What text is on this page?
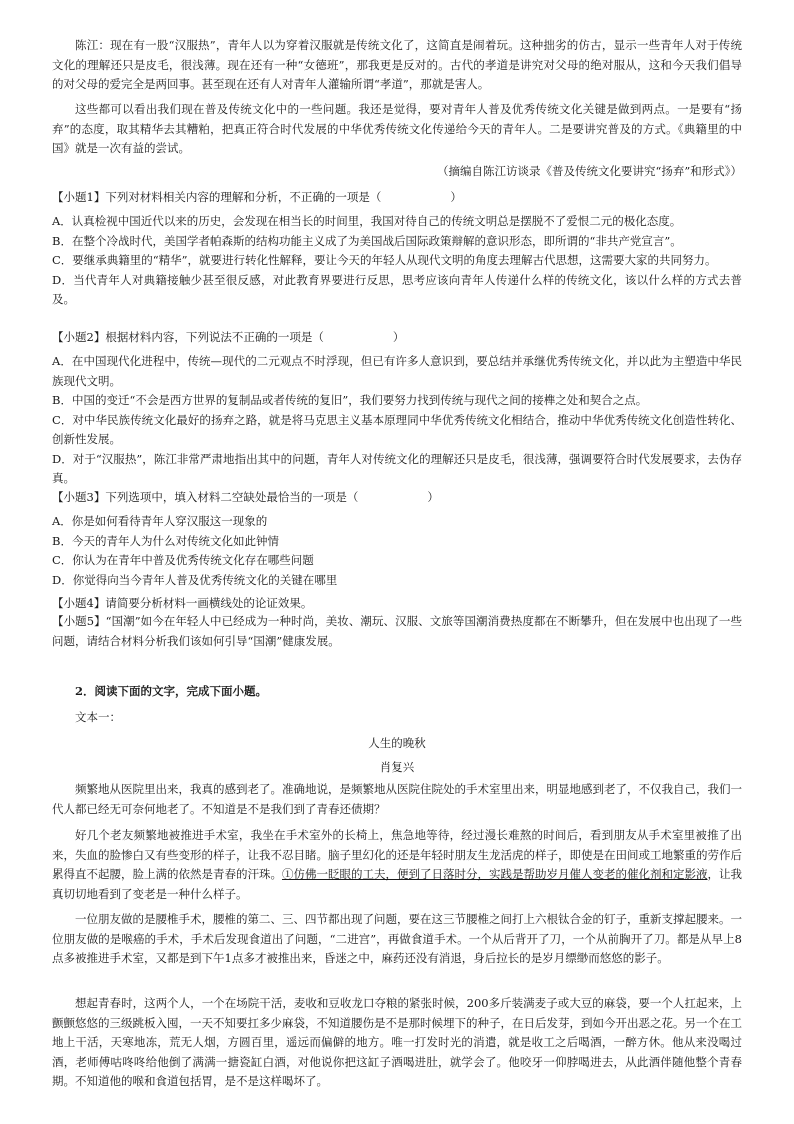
陈江：现在有一股“汉服热”，青年人以为穿着汉服就是传统文化了，这简直是闹着玩。这种拙劣的仿古，显示一些青年人对于传统文化的理解还只是皮毛，很浅薄。现在还有一种“女德班”，那我更是反对的。古代的孝道是讲究对父母的绝对服从，这和今天我们倡导的对父母的爱完全是两回事。甚至现在还有人对青年人灌输所谓“孝道”，那就是害人。

这些都可以看出我们现在普及传统文化中的一些问题。我还是觉得，要对青年人普及优秀传统文化关键是做到两点。一是要有“扬弃”的态度，取其精华去其糟粕，把真正符合时代发展的中华优秀传统文化传递给今天的青年人。二是要讲究普及的方式。《典籍里的中国》就是一次有益的尝试。

（摘编自陈江访谈录《普及传统文化要讲究“扬弃”和形式》）

【小题1】下列对材料相关内容的理解和分析，不正确的一项是（　　　　　　）

A．认真检视中国近代以来的历史，会发现在相当长的时间里，我国对待自己的传统文明总是摆脱不了爱恨二元的极化态度。
B．在整个冷战时代，美国学者帕森斯的结构功能主义成了为美国战后国际政策辩解的意识形态，即所谓的“非共产党宣言”。
C．要继承典籍里的“精华”，就要进行转化性解释，要让今天的年轻人从现代文明的角度去理解古代思想，这需要大家的共同努力。
D．当代青年人对典籍接触少甚至很反感，对此教育界要进行反思，思考应该向青年人传递什么样的传统文化，该以什么样的方式去普及。

【小题2】根据材料内容，下列说法不正确的一项是（　　　　　　）

A．在中国现代化进程中，传统—现代的二元观点不时浮现，但已有许多人意识到，要总结并承继优秀传统文化，并以此为主塑造中华民族现代文明。
B．中国的变迁“不会是西方世界的复制品或者传统的复旧”，我们要努力找到传统与现代之间的接榫之处和契合之点。
C．对中华民族传统文化最好的扬弃之路，就是将马克思主义基本原理同中华优秀传统文化相结合，推动中华优秀传统文化创造性转化、创新性发展。
D．对于“汉服热”，陈江非常严肃地指出其中的问题，青年人对传统文化的理解还只是皮毛，很浅薄，强调要符合时代发展要求，去伪存真。

【小题3】下列选项中，填入材料二空缺处最恰当的一项是（　　　　　　）

A．你是如何看待青年人穿汉服这一现象的
B．今天的青年人为什么对传统文化如此钟情
C．你认为在青年中普及优秀传统文化存在哪些问题
D．你觉得向当今青年人普及优秀传统文化的关键在哪里

【小题4】请简要分析材料一画横线处的论证效果。

【小题5】“国潮”如今在年轻人中已经成为一种时尚，美妆、潮玩、汉服、文旅等国潮消费热度都在不断攀升，但在发展中也出现了一些问题，请结合材料分析我们该如何引导“国潮”健康发展。

2．阅读下面的文字，完成下面小题。

文本一：

人生的晚秋

肖复兴

频繁地从医院里出来，我真的感到老了。准确地说，是频繁地从医院住院处的手术室里出来，明显地感到老了，不仅我自己，我们一代人都已经无可奈何地老了。不知道是不是我们到了青春还债期？

好几个老友频繁地被推进手术室，我坐在手术室外的长椅上，焦急地等待，经过漫长难熬的时间后，看到朋友从手术室里被推了出来，失血的脸惨白又有些变形的样子，让我不忍目睹。脑子里幻化的还是年轻时朋友生龙活虎的样子，即使是在田间或工地繁重的劳作后累得直不起腰，脸上满的依然是青春的汗珠。①仿佛一眨眼的工夫，便到了日落时分，实践是帮助岁月催人变老的催化剂和定影液，让我真切切地看到了变老是一种什么样子。

一位朋友做的是腰椎手术，腰椎的第二、三、四节都出现了问题，要在这三节腰椎之间打上六根钛合金的钉子，重新支撑起腰来。一位朋友做的是喉癌的手术，手术后发现食道出了问题，“二进宫”，再做食道手术。一个从后背开了刀，一个从前胸开了刀。都是从早上8点多被推进手术室，又都是到下午1点多才被推出来，昏迷之中，麻药还没有消退，身后拉长的是岁月缥缈而悠悠的影子。

想起青春时，这两个人，一个在场院干活，麦收和豆收龙口夺粮的紧张时候，200多斤装满麦子或大豆的麻袋，要一个人扛起来，上颤颤悠悠的三级跳板入囤，一天不知要扛多少麻袋，不知道腰伤是不是那时候埋下的种子，在日后发芽，到如今开出恶之花。另一个在工地上干活，天寒地冻，荒无人烟，方圆百里，遥远而偏僻的地方。唯一打发时光的消遣，就是收工之后喝酒，一醉方休。他从来没喝过酒，老师傅咕咚咚给他倒了满满一搪瓷缸白酒，对他说你把这缸子酒喝进肚，就学会了。他咬牙一仰脖喝进去，从此酒伴随他整个青春期。不知道他的喉和食道包括胃，是不是这样喝坏了。
